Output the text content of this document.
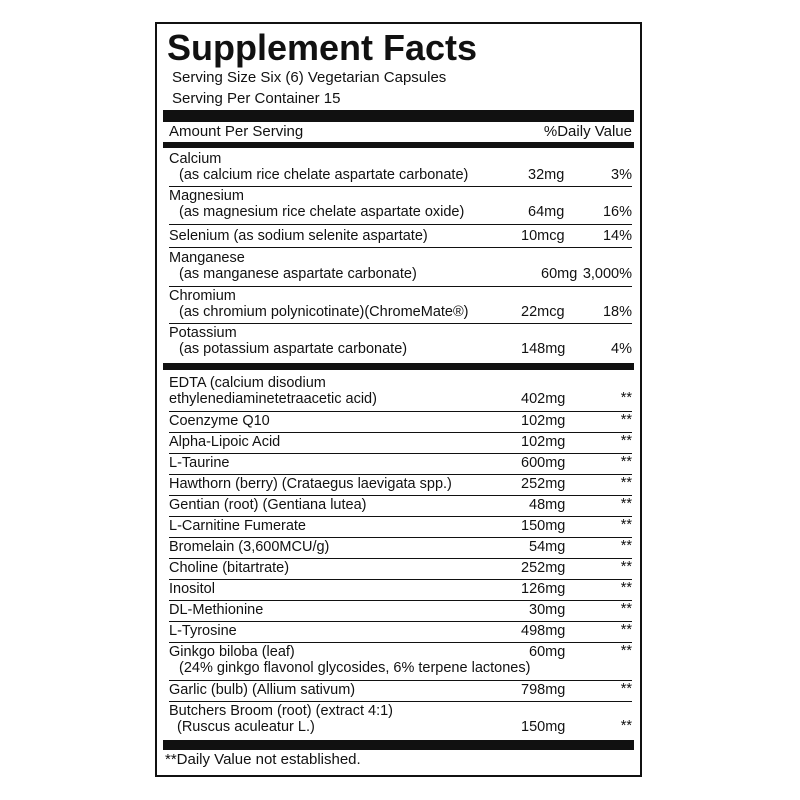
Supplement Facts
Serving Size Six (6) Vegetarian Capsules
Serving Per Container 15
Amount Per Serving	%Daily Value
Calcium
(as calcium rice chelate aspartate carbonate)	32mg	3%
Magnesium
(as magnesium rice chelate aspartate oxide)	64mg	16%
Selenium (as sodium selenite aspartate)	10mcg	14%
Manganese
(as manganese aspartate carbonate)	60mg 3,000%
Chromium
(as chromium polynicotinate)(ChromeMate®)	22mcg	18%
Potassium
(as potassium aspartate carbonate)	148mg	4%
EDTA (calcium disodium
ethylenediaminetetraacetic acid)	402mg	**
Coenzyme Q10	102mg	**
Alpha-Lipoic Acid	102mg	**
L-Taurine	600mg	**
Hawthorn (berry) (Crataegus laevigata spp.)	252mg	**
Gentian (root) (Gentiana lutea)	48mg	**
L-Carnitine Fumerate	150mg	**
Bromelain (3,600MCU/g)	54mg	**
Choline (bitartrate)	252mg	**
Inositol	126mg	**
DL-Methionine	30mg	**
L-Tyrosine	498mg	**
Ginkgo biloba (leaf)
(24% ginkgo flavonol glycosides, 6% terpene lactones)
60mg	**
Garlic (bulb) (Allium sativum)	798mg	**
Butchers Broom (root) (extract 4:1)
(Ruscus aculeatur L.)	150mg	**
**Daily Value not established.
